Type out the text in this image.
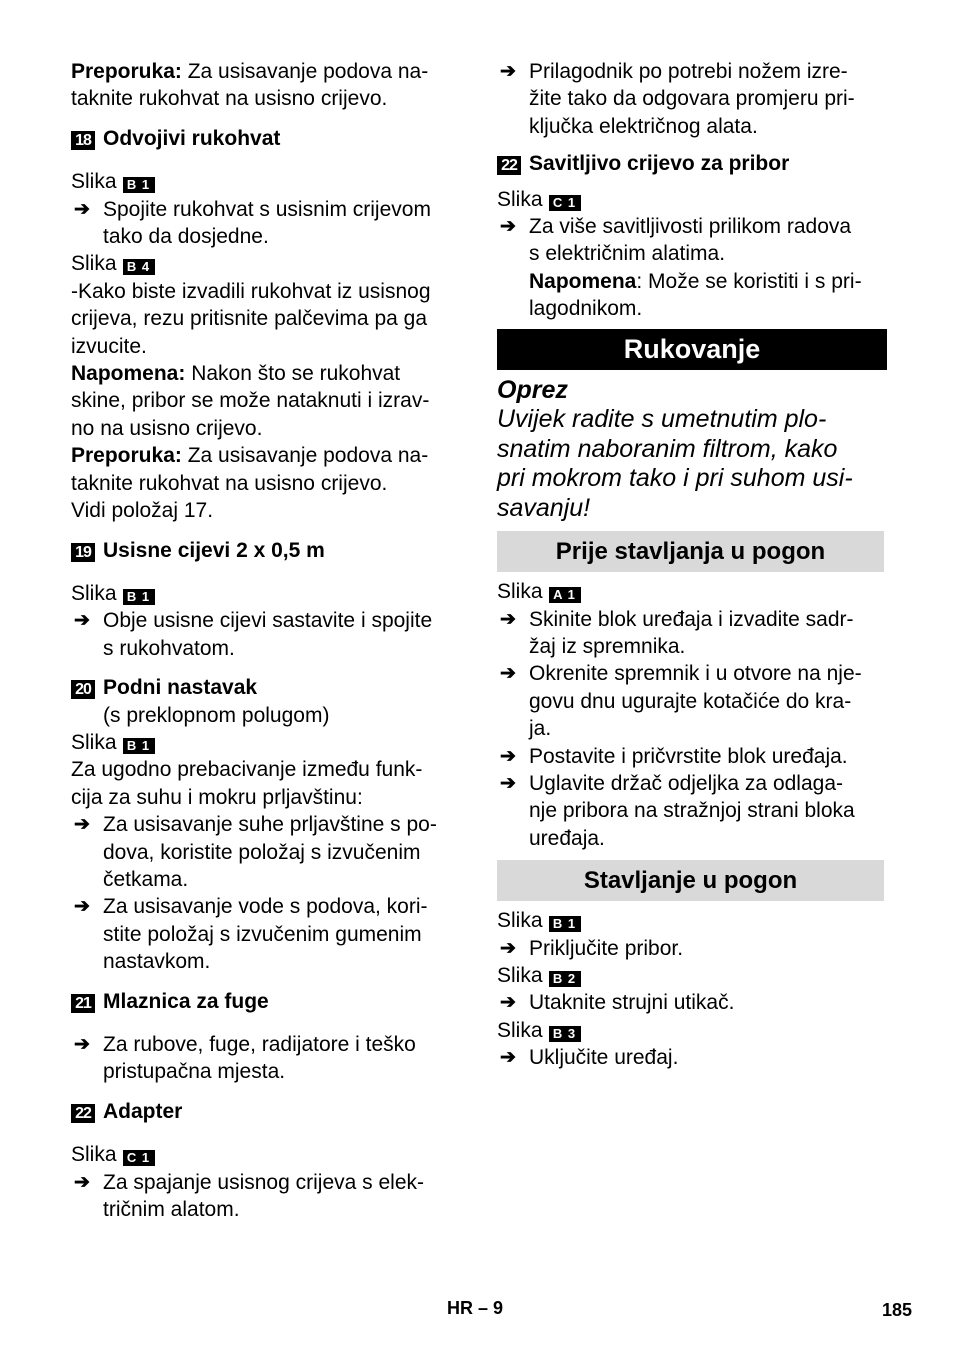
Preporuka: Za usisavanje podova na-

taknite rukohvat na usisno crijevo.

18 Odvojivi rukohvat

Slika B 1

➔ Spojite rukohvat s usisnim crijevom

tako da dosjedne.

Slika B 4

-Kako biste izvadili rukohvat iz usisnog

crijeva, rezu pritisnite palčevima pa ga

izvucite.

Napomena: Nakon što se rukohvat

skine, pribor se može nataknuti i izrav-

no na usisno crijevo.

Preporuka: Za usisavanje podova na-

taknite rukohvat na usisno crijevo.

Vidi položaj 17.

19 Usisne cijevi 2 x 0,5 m

Slika B 1

➔ Obje usisne cijevi sastavite i spojite

s rukohvatom.

20 Podni nastavak

(s preklopnom polugom)

Slika B 1

Za ugodno prebacivanje između funk-

cija za suhu i mokru prljavštinu:

➔ Za usisavanje suhe prljavštine s po-

dova, koristite položaj s izvučenim

četkama.

➔ Za usisavanje vode s podova, kori-

stite položaj s izvučenim gumenim

nastavkom.

21 Mlaznica za fuge
➔ Za rubove, fuge, radijatore i teško

pristupačna mjesta.

22 Adapter

Slika C 1

➔ Za spajanje usisnog crijeva s elek-

tričnim alatom.

➔ Prilagodnik po potrebi nožem izre-

žite tako da odgovara promjeru pri-

ključka električnog alata.

22 Savitljivo crijevo za pribor

Slika C 1

➔ Za više savitljivosti prilikom radova

s električnim alatima.

Napomena: Može se koristiti i s pri-

lagodnikom.

Rukovanje

Oprez

Uvijek radite s umetnutim plo-

snatim naboranim filtrom, kako

pri mokrom tako i pri suhom usi-

savanju!

Prije stavljanja u pogon

Slika A 1

➔ Skinite blok uređaja i izvadite sadr-

žaj iz spremnika.

➔ Okrenite spremnik i u otvore na nje-

govu dnu ugurajte kotačiće do kra-

ja.

➔ Postavite i pričvrstite blok uređaja.

➔ Uglavite držač odjeljka za odlaga-

nje pribora na stražnjoj strani bloka

uređaja.

Stavljanje u pogon

Slika B 1

➔ Priključite pribor.

Slika B 2

➔ Utaknite strujni utikač.

Slika B 3

➔ Uključite uređaj.

HR – 9	185
